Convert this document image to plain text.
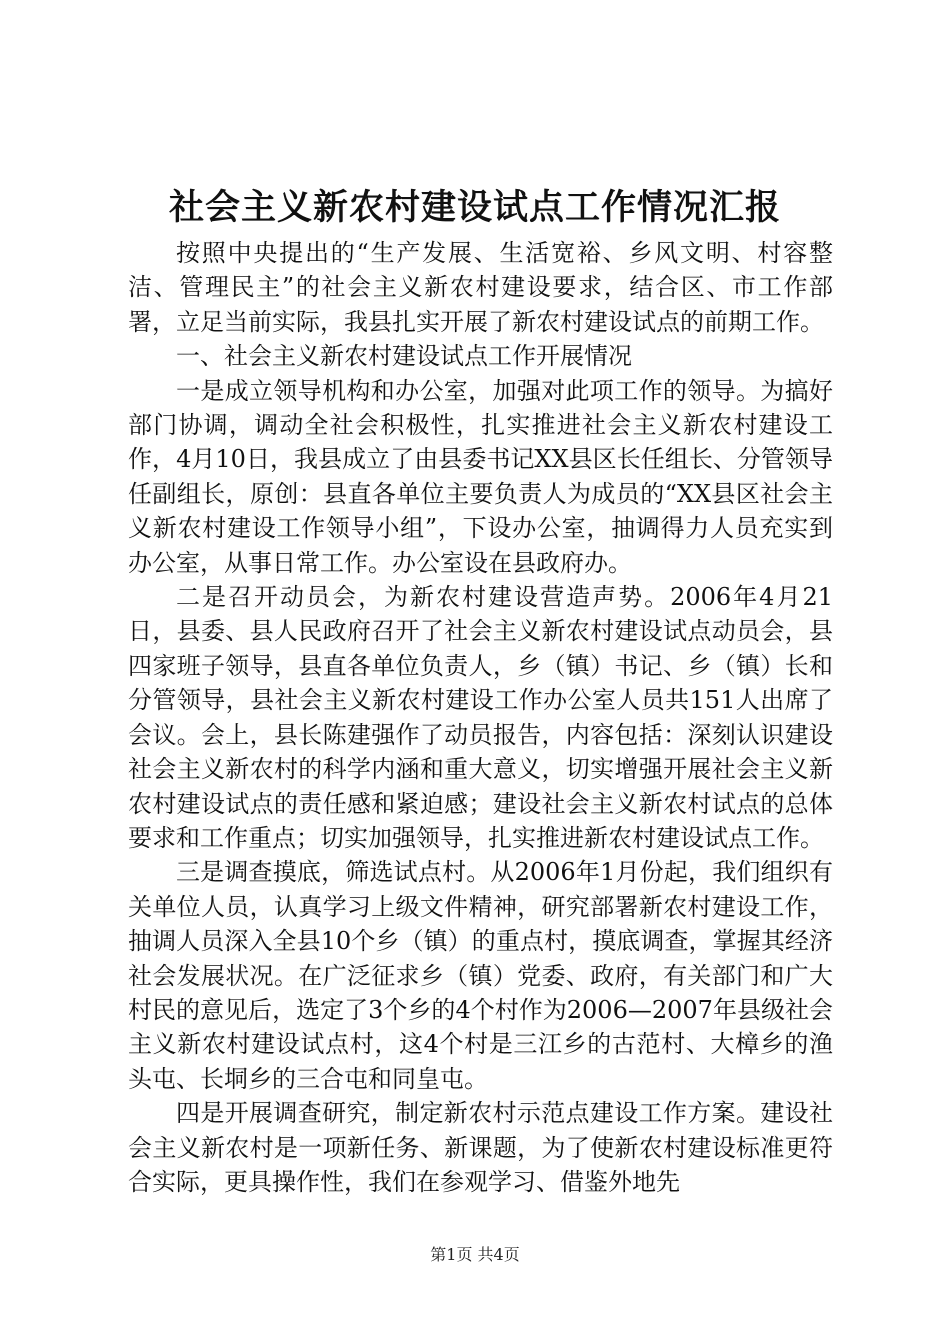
社会主义新农村建设试点工作情况汇报

按照中央提出的“生产发展、生活宽裕、乡风文明、村容整洁、管理民主”的社会主义新农村建设要求，结合区、市工作部署，立足当前实际，我县扎实开展了新农村建设试点的前期工作。

一、社会主义新农村建设试点工作开展情况

一是成立领导机构和办公室，加强对此项工作的领导。为搞好部门协调，调动全社会积极性，扎实推进社会主义新农村建设工作，4月10日，我县成立了由县委书记XX县区长任组长、分管领导任副组长，原创：县直各单位主要负责人为成员的“XX县区社会主义新农村建设工作领导小组”，下设办公室，抽调得力人员充实到办公室，从事日常工作。办公室设在县政府办。

二是召开动员会，为新农村建设营造声势。2006年4月21日，县委、县人民政府召开了社会主义新农村建设试点动员会，县四家班子领导，县直各单位负责人，乡（镇）书记、乡（镇）长和分管领导，县社会主义新农村建设工作办公室人员共151人出席了会议。会上，县长陈建强作了动员报告，内容包括：深刻认识建设社会主义新农村的科学内涵和重大意义，切实增强开展社会主义新农村建设试点的责任感和紧迫感；建设社会主义新农村试点的总体要求和工作重点；切实加强领导，扎实推进新农村建设试点工作。

三是调查摸底，筛选试点村。从2006年1月份起，我们组织有关单位人员，认真学习上级文件精神，研究部署新农村建设工作，抽调人员深入全县10个乡（镇）的重点村，摸底调查，掌握其经济社会发展状况。在广泛征求乡（镇）党委、政府，有关部门和广大村民的意见后，选定了3个乡的4个村作为2006—2007年县级社会主义新农村建设试点村，这4个村是三江乡的古范村、大樟乡的渔头屯、长垌乡的三合屯和同皇屯。

四是开展调查研究，制定新农村示范点建设工作方案。建设社会主义新农村是一项新任务、新课题，为了使新农村建设标准更符合实际，更具操作性，我们在参观学习、借鉴外地先

第1页 共4页
